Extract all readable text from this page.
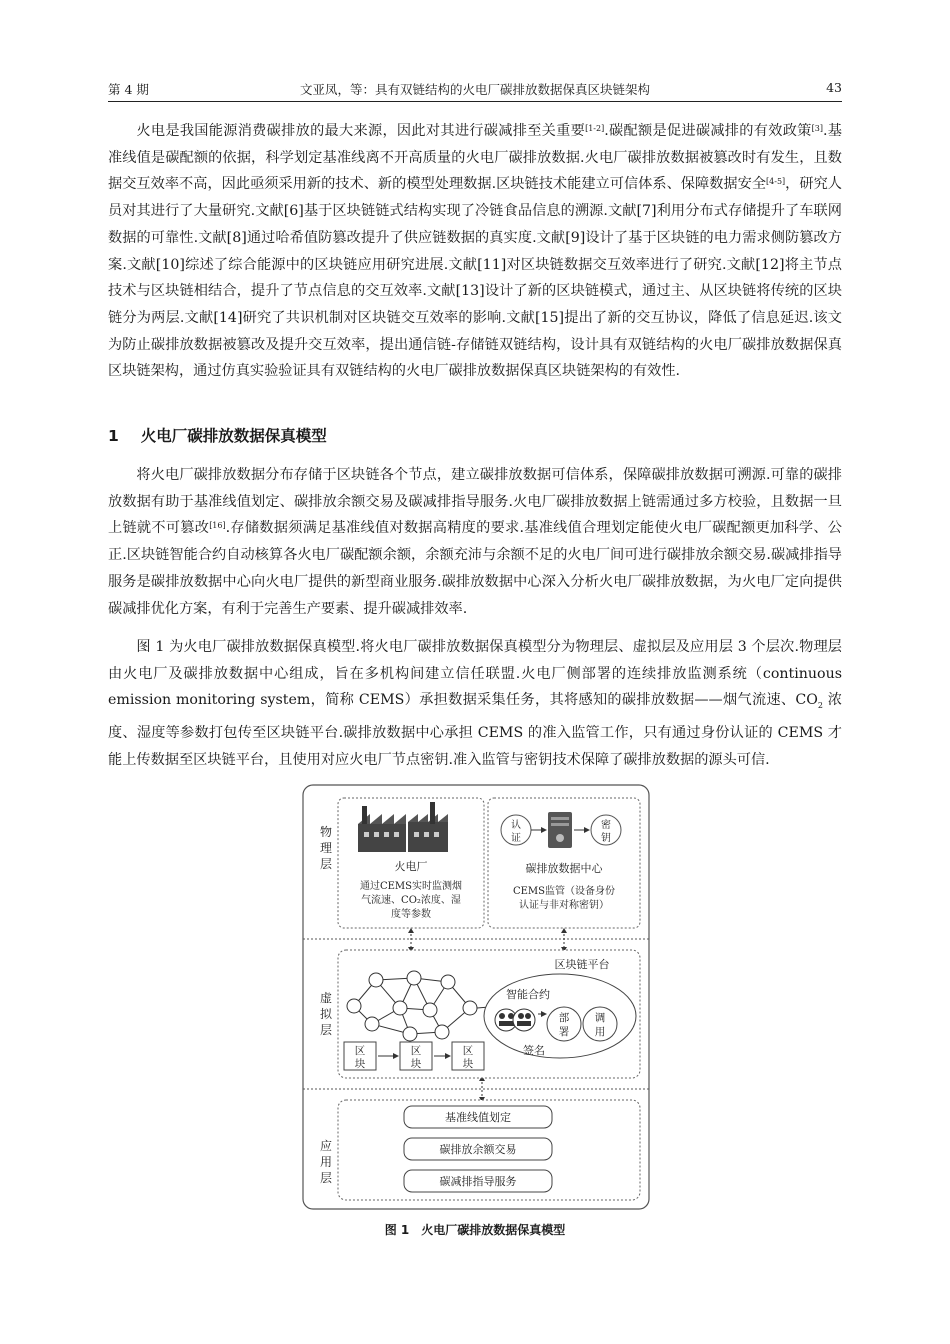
第 4 期	文亚凤，等：具有双链结构的火电厂碳排放数据保真区块链架构	43

火电是我国能源消费碳排放的最大来源，因此对其进行碳减排至关重要[1-2].碳配额是促进碳减排的有效政策[3].基准线值是碳配额的依据，科学划定基准线离不开高质量的火电厂碳排放数据.火电厂碳排放数据被篡改时有发生，且数据交互效率不高，因此亟须采用新的技术、新的模型处理数据.区块链技术能建立可信体系、保障数据安全[4-5]，研究人员对其进行了大量研究.文献[6]基于区块链链式结构实现了冷链食品信息的溯源.文献[7]利用分布式存储提升了车联网数据的可靠性.文献[8]通过哈希值防篡改提升了供应链数据的真实度.文献[9]设计了基于区块链的电力需求侧防篡改方案.文献[10]综述了综合能源中的区块链应用研究进展.文献[11]对区块链数据交互效率进行了研究.文献[12]将主节点技术与区块链相结合，提升了节点信息的交互效率.文献[13]设计了新的区块链模式，通过主、从区块链将传统的区块链分为两层.文献[14]研究了共识机制对区块链交互效率的影响.文献[15]提出了新的交互协议，降低了信息延迟.该文为防止碳排放数据被篡改及提升交互效率，提出通信链-存储链双链结构，设计具有双链结构的火电厂碳排放数据保真区块链架构，通过仿真实验验证具有双链结构的火电厂碳排放数据保真区块链架构的有效性.

1 火电厂碳排放数据保真模型

将火电厂碳排放数据分布存储于区块链各个节点，建立碳排放数据可信体系，保障碳排放数据可溯源.可靠的碳排放数据有助于基准线值划定、碳排放余额交易及碳减排指导服务.火电厂碳排放数据上链需通过多方校验，且数据一旦上链就不可篡改[16].存储数据须满足基准线值对数据高精度的要求.基准线值合理划定能使火电厂碳配额更加科学、公正.区块链智能合约自动核算各火电厂碳配额余额，余额充沛与余额不足的火电厂间可进行碳排放余额交易.碳减排指导服务是碳排放数据中心向火电厂提供的新型商业服务.碳排放数据中心深入分析火电厂碳排放数据，为火电厂定向提供碳减排优化方案，有利于完善生产要素、提升碳减排效率.

图 1 为火电厂碳排放数据保真模型.将火电厂碳排放数据保真模型分为物理层、虚拟层及应用层 3 个层次.物理层由火电厂及碳排放数据中心组成，旨在多机构间建立信任联盟.火电厂侧部署的连续排放监测系统（continuous emission monitoring system，简称 CEMS）承担数据采集任务，其将感知的碳排放数据——烟气流速、$CO_2$ 浓度、湿度等参数打包传至区块链平台.碳排放数据中心承担 CEMS 的准入监管工作，只有通过身份认证的 CEMS 才能上传数据至区块链平台，且使用对应火电厂节点密钥.准入监管与密钥技术保障了碳排放数据的源头可信.

物
理
层
虚
拟
层
应
用
层
火电厂
通过CEMS实时监测烟
气流速、CO₂浓度、湿
度等参数
认
证
密
钥
碳排放数据中心
CEMS监管（设备身份
认证与非对称密钥）
区块链平台
智能合约
部
署
调
用
签名
区
块
区
块
区
块
基准线值划定
碳排放余额交易
碳减排指导服务
图 1 火电厂碳排放数据保真模型
